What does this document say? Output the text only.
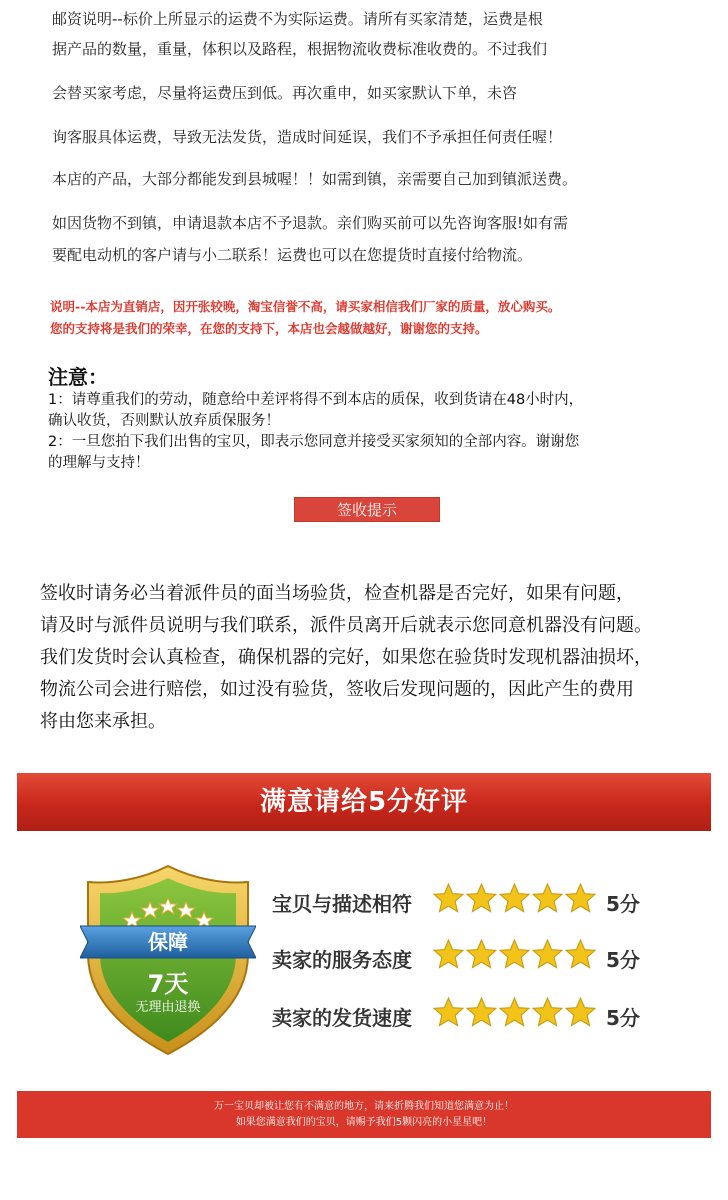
邮资说明--标价上所显示的运费不为实际运费。请所有买家清楚，运费是根

据产品的数量，重量，体积以及路程，根据物流收费标准收费的。不过我们

会替买家考虑，尽量将运费压到低。再次重申，如买家默认下单，未咨

询客服具体运费，导致无法发货，造成时间延误，我们不予承担任何责任喔！

本店的产品，大部分都能发到县城喔！！如需到镇，亲需要自己加到镇派送费。

如因货物不到镇，申请退款本店不予退款。亲们购买前可以先咨询客服!如有需

要配电动机的客户请与小二联系！运费也可以在您提货时直接付给物流。

说明--本店为直销店，因开张较晚，淘宝信誉不高，请买家相信我们厂家的质量，放心购买。

您的支持将是我们的荣幸，在您的支持下，本店也会越做越好，谢谢您的支持。

注意：
1：请尊重我们的劳动，随意给中差评将得不到本店的质保，收到货请在48小时内，
确认收货，否则默认放弃质保服务！
2：一旦您拍下我们出售的宝贝，即表示您同意并接受买家须知的全部内容。谢谢您
的理解与支持！
签收提示

签收时请务必当着派件员的面当场验货，检查机器是否完好，如果有问题，

请及时与派件员说明与我们联系，派件员离开后就表示您同意机器没有问题。

我们发货时会认真检查，确保机器的完好，如果您在验货时发现机器油损坏，

物流公司会进行赔偿，如过没有验货，签收后发现问题的，因此产生的费用

将由您来承担。

满意请给5分好评
保障
7天
无理由退换
宝贝与描述相符	5分
卖家的服务态度	5分
卖家的发货速度	5分

万一宝贝却被让您有不满意的地方，请来折腾我们知道您满意为止！

如果您满意我们的宝贝，请赐予我们5颗闪亮的小星星吧！
